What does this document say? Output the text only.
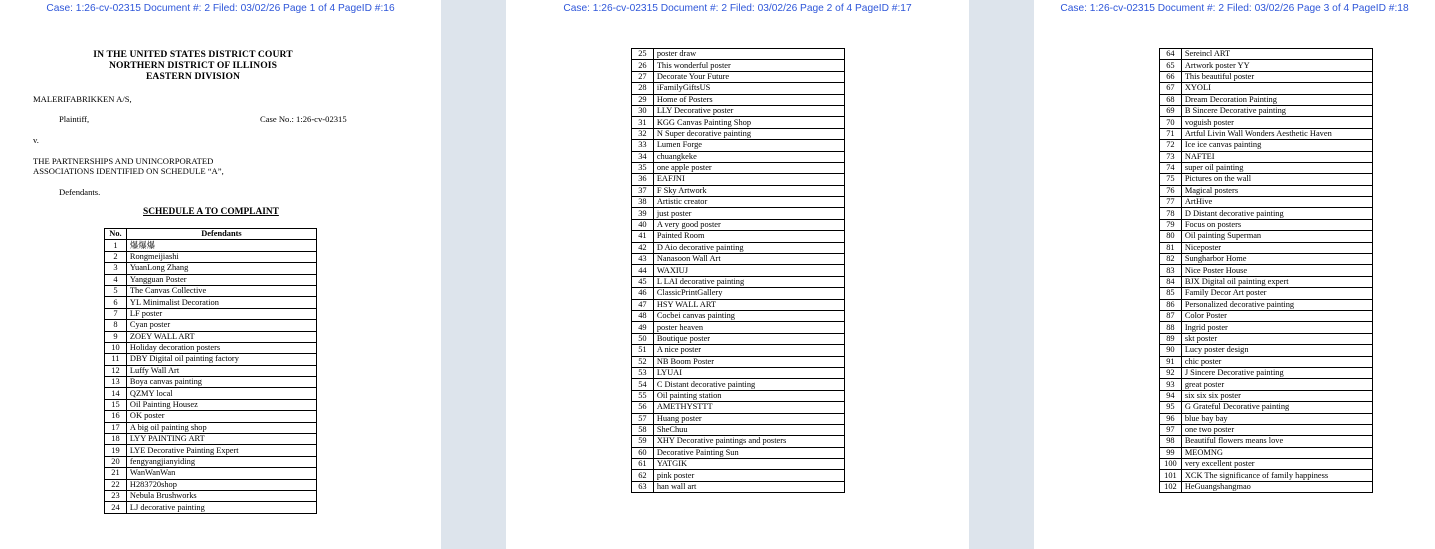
Case: 1:26-cv-02315 Document #: 2 Filed: 03/02/26 Page 1 of 4 PageID #:16
IN THE UNITED STATES DISTRICT COURT
NORTHERN DISTRICT OF ILLINOIS
EASTERN DIVISION
MALERIFABRIKKEN A/S,
Plaintiff,	Case No.: 1:26-cv-02315
v.
THE PARTNERSHIPS AND UNINCORPORATED
ASSOCIATIONS IDENTIFIED ON SCHEDULE “A”,
Defendants.
SCHEDULE A TO COMPLAINT
No.	Defendants
1	爆爆爆
2	Rongmeijiashi
3	YuanLong Zhang
4	Yangguan Poster
5	The Canvas Collective
6	YL Minimalist Decoration
7	LF poster
8	Cyan poster
9	ZOEY WALL ART
10	Holiday decoration posters
11	DBY Digital oil painting factory
12	Luffy Wall Art
13	Boya canvas painting
14	QZMY local
15	Oil Painting Housez
16	OK poster
17	A big oil painting shop
18	LYY PAINTING ART
19	LYE Decorative Painting Expert
20	fengyangjianyiding
21	WanWanWan
22	H283720shop
23	Nebula Brushworks
24	LJ decorative painting
Case: 1:26-cv-02315 Document #: 2 Filed: 03/02/26 Page 2 of 4 PageID #:17
25	poster draw
26	This wonderful poster
27	Decorate Your Future
28	iFamilyGiftsUS
29	Home of Posters
30	LLY Decorative poster
31	KGG Canvas Painting Shop
32	N Super decorative painting
33	Lumen Forge
34	chuangkeke
35	one apple poster
36	EAFJNI
37	F Sky Artwork
38	Artistic creator
39	just poster
40	A very good poster
41	Painted Room
42	D Aio decorative painting
43	Nanasoon Wall Art
44	WAXIUJ
45	L LAI decorative painting
46	ClassicPrintGallery
47	HSY WALL ART
48	Cocbei canvas painting
49	poster heaven
50	Boutique poster
51	A nice poster
52	NB Boom Poster
53	LYUAI
54	C Distant decorative painting
55	Oil painting station
56	AMETHYSTTT
57	Huang poster
58	SheChuu
59	XHY Decorative paintings and posters
60	Decorative Painting Sun
61	YATGIK
62	pink poster
63	han wall art
Case: 1:26-cv-02315 Document #: 2 Filed: 03/02/26 Page 3 of 4 PageID #:18
64	Sereincl ART
65	Artwork poster YY
66	This beautiful poster
67	XYOLI
68	Dream Decoration Painting
69	B Sincere Decorative painting
70	voguish poster
71	Artful Livin Wall Wonders Aesthetic Haven
72	Ice ice canvas painting
73	NAFTEI
74	super oil painting
75	Pictures on the wall
76	Magical posters
77	ArtHive
78	D Distant decorative painting
79	Focus on posters
80	Oil painting Superman
81	Niceposter
82	Sungharbor Home
83	Nice Poster House
84	BJX Digital oil painting expert
85	Family Decor Art poster
86	Personalized decorative painting
87	Color Poster
88	Ingrid poster
89	skt poster
90	Lucy poster design
91	chic poster
92	J Sincere Decorative painting
93	great poster
94	six six six poster
95	G Grateful Decorative painting
96	blue bay bay
97	one two poster
98	Beautiful flowers means love
99	MEOMNG
100	very excellent poster
101	XCK The significance of family happiness
102	HeGuangshangmao
